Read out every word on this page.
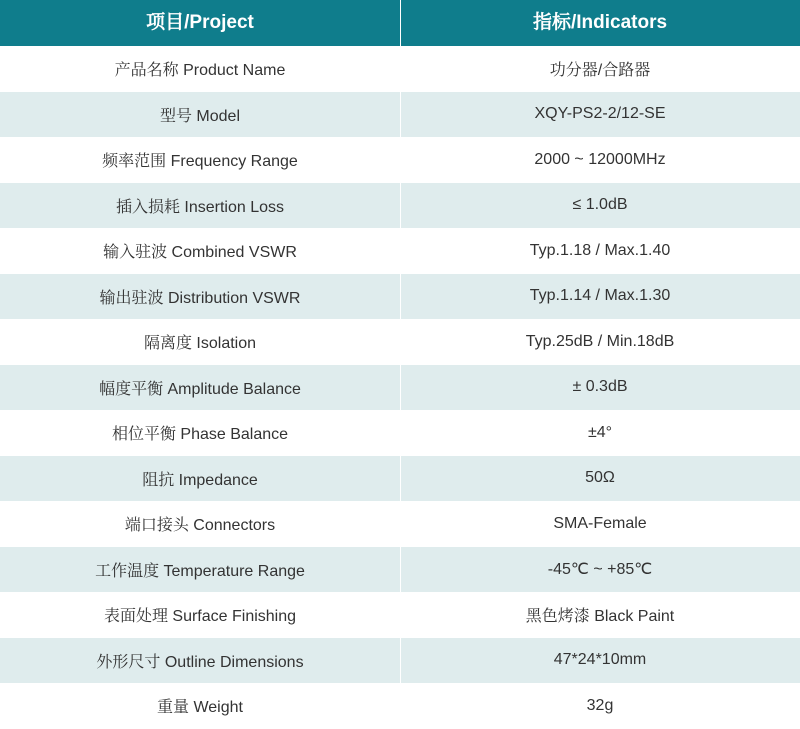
项目/Project	指标/Indicators
产品名称 Product Name	功分器/合路器
型号 Model	XQY-PS2-2/12-SE
频率范围 Frequency Range	2000 ~ 12000MHz
插入损耗 Insertion Loss	≤ 1.0dB
输入驻波 Combined VSWR	Typ.1.18 / Max.1.40
输出驻波 Distribution VSWR	Typ.1.14 / Max.1.30
隔离度 Isolation	Typ.25dB / Min.18dB
幅度平衡 Amplitude Balance	± 0.3dB
相位平衡 Phase Balance	±4°
阻抗 Impedance	50Ω
端口接头 Connectors	SMA-Female
工作温度 Temperature Range	-45℃ ~ +85℃
表面处理 Surface Finishing	黑色烤漆 Black Paint
外形尺寸 Outline Dimensions	47*24*10mm
重量 Weight	32g
